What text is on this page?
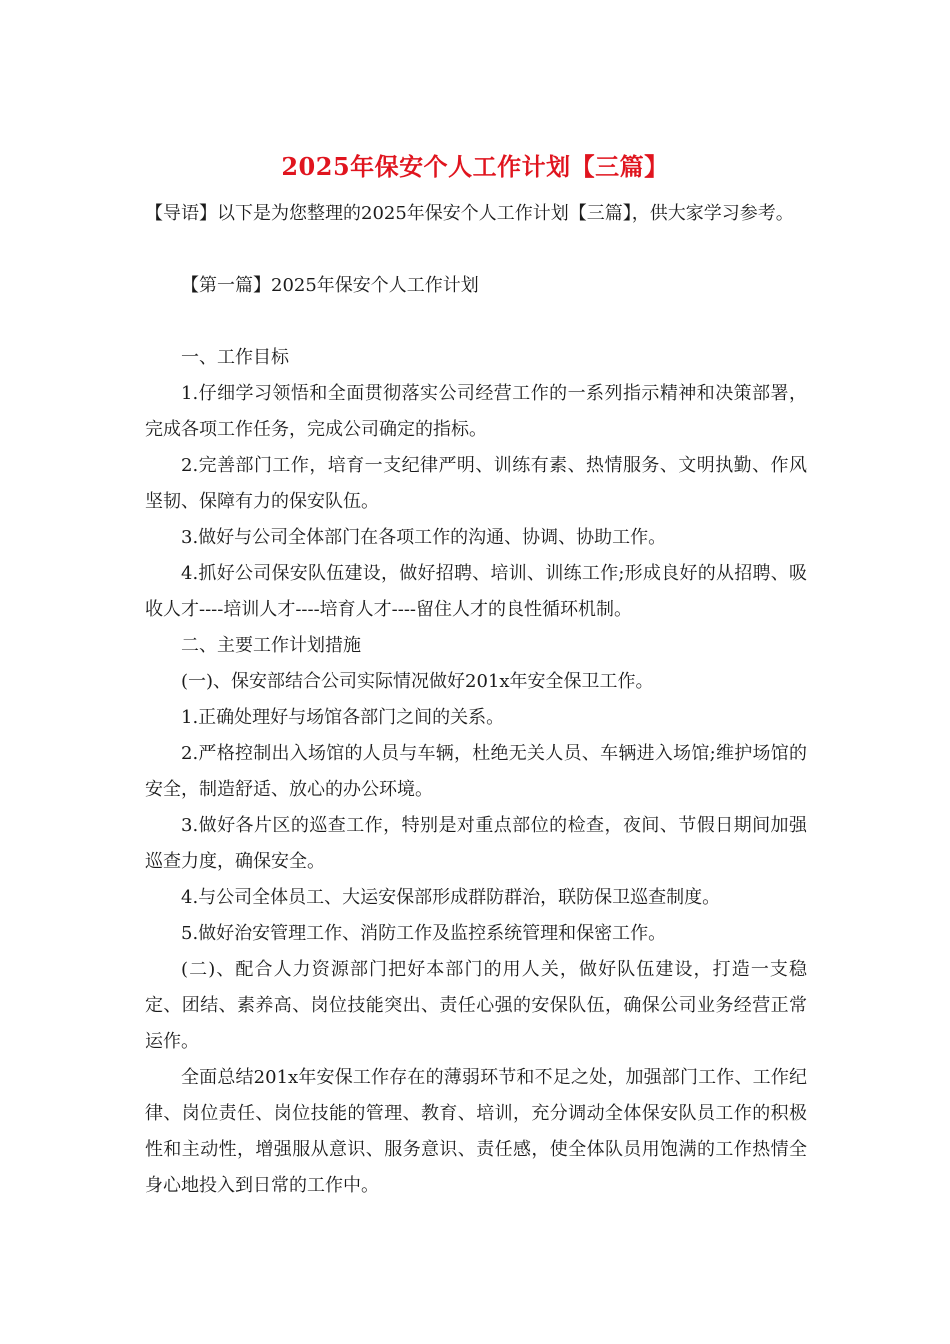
2025年保安个人工作计划【三篇】

【导语】以下是为您整理的2025年保安个人工作计划【三篇】，供大家学习参考。

【第一篇】2025年保安个人工作计划

一、工作目标

1.仔细学习领悟和全面贯彻落实公司经营工作的一系列指示精神和决策部署，完成各项工作任务，完成公司确定的指标。

2.完善部门工作，培育一支纪律严明、训练有素、热情服务、文明执勤、作风坚韧、保障有力的保安队伍。

3.做好与公司全体部门在各项工作的沟通、协调、协助工作。

4.抓好公司保安队伍建设，做好招聘、培训、训练工作;形成良好的从招聘、吸收人才----培训人才----培育人才----留住人才的良性循环机制。

二、主要工作计划措施

(一)、保安部结合公司实际情况做好201x年安全保卫工作。

1.正确处理好与场馆各部门之间的关系。

2.严格控制出入场馆的人员与车辆，杜绝无关人员、车辆进入场馆;维护场馆的安全，制造舒适、放心的办公环境。

3.做好各片区的巡查工作，特别是对重点部位的检查，夜间、节假日期间加强巡查力度，确保安全。

4.与公司全体员工、大运安保部形成群防群治，联防保卫巡查制度。

5.做好治安管理工作、消防工作及监控系统管理和保密工作。

(二)、配合人力资源部门把好本部门的用人关，做好队伍建设，打造一支稳定、团结、素养高、岗位技能突出、责任心强的安保队伍，确保公司业务经营正常运作。

全面总结201x年安保工作存在的薄弱环节和不足之处，加强部门工作、工作纪律、岗位责任、岗位技能的管理、教育、培训，充分调动全体保安队员工作的积极性和主动性，增强服从意识、服务意识、责任感，使全体队员用饱满的工作热情全身心地投入到日常的工作中。
